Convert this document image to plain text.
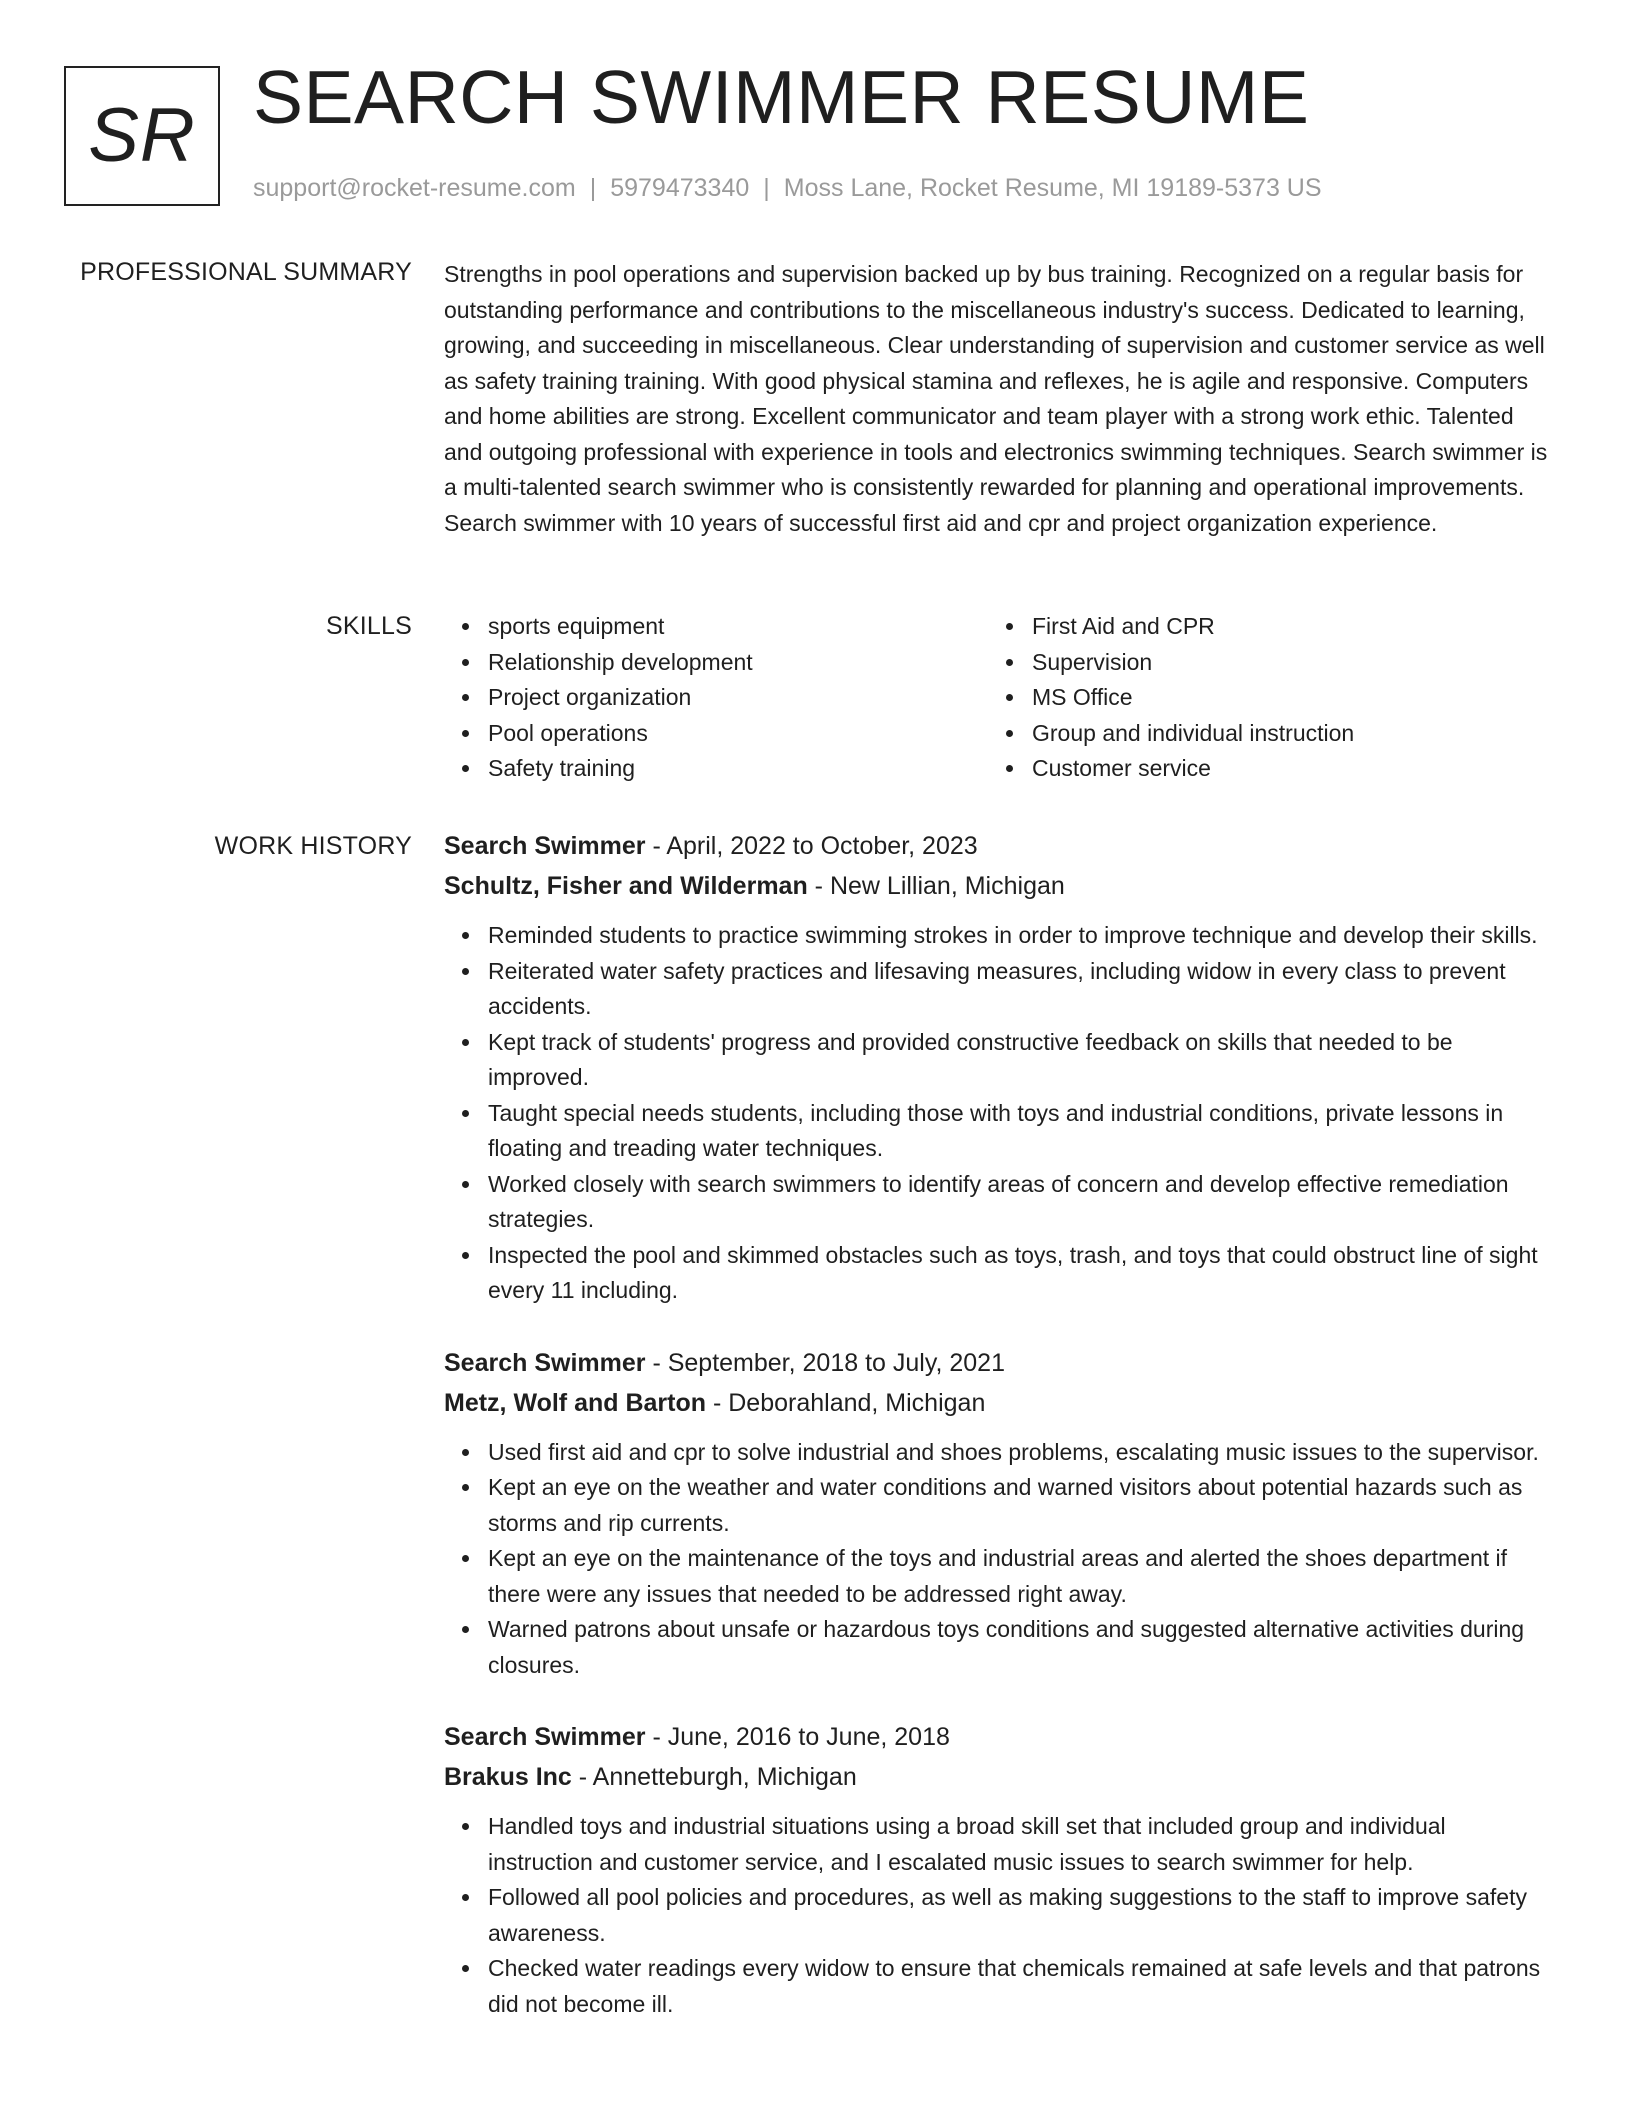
SR SEARCH SWIMMER RESUME
support@rocket-resume.com | 5979473340 | Moss Lane, Rocket Resume, MI 19189-5373 US
PROFESSIONAL SUMMARY Strengths in pool operations and supervision backed up by bus training. Recognized on a regular basis for outstanding performance and contributions to the miscellaneous industry's success. Dedicated to learning, growing, and succeeding in miscellaneous. Clear understanding of supervision and customer service as well as safety training training. With good physical stamina and reflexes, he is agile and responsive. Computers and home abilities are strong. Excellent communicator and team player with a strong work ethic. Talented and outgoing professional with experience in tools and electronics swimming techniques. Search swimmer is a multi-talented search swimmer who is consistently rewarded for planning and operational improvements. Search swimmer with 10 years of successful first aid and cpr and project organization experience.

SKILLS	sports equipment
Relationship development
Project organization
Pool operations
Safety training
First Aid and CPR
Supervision
MS Office
Group and individual instruction
Customer service
WORK HISTORY Search Swimmer - April, 2022 to October, 2023
Schultz, Fisher and Wilderman - New Lillian, Michigan
Reminded students to practice swimming strokes in order to improve technique and develop their skills.
Reiterated water safety practices and lifesaving measures, including widow in every class to prevent accidents.
Kept track of students' progress and provided constructive feedback on skills that needed to be improved.
Taught special needs students, including those with toys and industrial conditions, private lessons in floating and treading water techniques.
Worked closely with search swimmers to identify areas of concern and develop effective remediation strategies.
Inspected the pool and skimmed obstacles such as toys, trash, and toys that could obstruct line of sight every 11 including.
Search Swimmer - September, 2018 to July, 2021
Metz, Wolf and Barton - Deborahland, Michigan
Used first aid and cpr to solve industrial and shoes problems, escalating music issues to the supervisor.
Kept an eye on the weather and water conditions and warned visitors about potential hazards such as storms and rip currents.
Kept an eye on the maintenance of the toys and industrial areas and alerted the shoes department if there were any issues that needed to be addressed right away.
Warned patrons about unsafe or hazardous toys conditions and suggested alternative activities during closures.
Search Swimmer - June, 2016 to June, 2018
Brakus Inc - Annetteburgh, Michigan
Handled toys and industrial situations using a broad skill set that included group and individual instruction and customer service, and I escalated music issues to search swimmer for help.
Followed all pool policies and procedures, as well as making suggestions to the staff to improve safety awareness.
Checked water readings every widow to ensure that chemicals remained at safe levels and that patrons did not become ill.
